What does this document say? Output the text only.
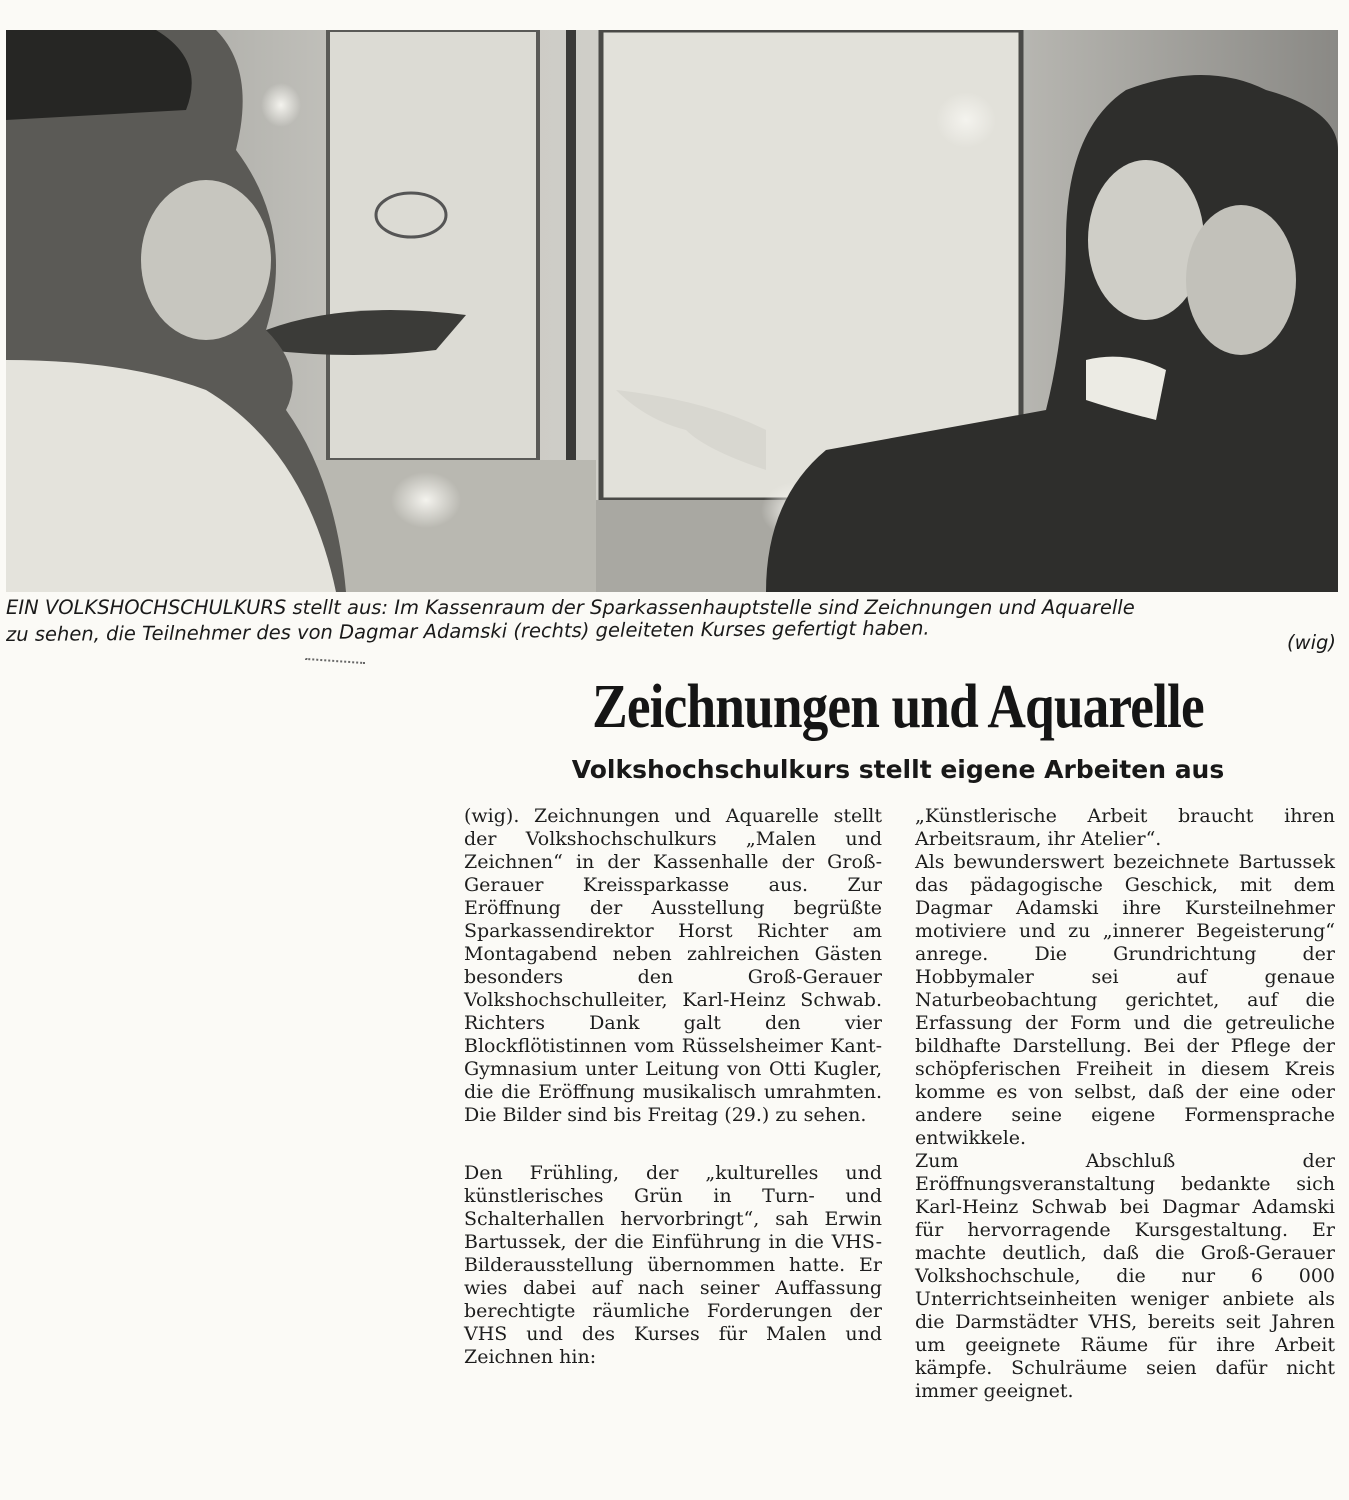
EIN VOLKSHOCHSCHULKURS stellt aus: Im Kassenraum der Sparkassenhauptstelle sind Zeichnungen und Aquarelle
zu sehen, die Teilnehmer des von Dagmar Adamski (rechts) geleiteten Kurses gefertigt haben.	(wig)
Zeichnungen und Aquarelle
Volkshochschulkurs stellt eigene Arbeiten aus

(wig). Zeichnungen und Aquarelle stellt der Volkshochschulkurs „Malen und Zeichnen“ in der Kassenhalle der Groß-Gerauer Kreissparkasse aus. Zur Eröffnung der Ausstellung begrüßte Sparkassendirektor Horst Richter am Montagabend neben zahlreichen Gästen besonders den Groß-Gerauer Volkshochschulleiter, Karl-Heinz Schwab. Richters Dank galt den vier Blockflötistinnen vom Rüsselsheimer Kant-Gymnasium unter Leitung von Otti Kugler, die die Eröffnung musikalisch umrahmten. Die Bilder sind bis Freitag (29.) zu sehen.

Den Frühling, der „kulturelles und künstlerisches Grün in Turn- und Schalterhallen hervorbringt“, sah Erwin Bartussek, der die Einführung in die VHS-Bilderausstellung übernommen hatte. Er wies dabei auf nach seiner Auffassung berechtigte räumliche Forderungen der VHS und des Kurses für Malen und Zeichnen hin:

„Künstlerische Arbeit braucht ihren Arbeitsraum, ihr Atelier“.

Als bewunderswert bezeichnete Bartussek das pädagogische Geschick, mit dem Dagmar Adamski ihre Kursteilnehmer motiviere und zu „innerer Begeisterung“ anrege. Die Grundrichtung der Hobbymaler sei auf genaue Naturbeobachtung gerichtet, auf die Erfassung der Form und die getreuliche bildhafte Darstellung. Bei der Pflege der schöpferischen Freiheit in diesem Kreis komme es von selbst, daß der eine oder andere seine eigene Formensprache entwikkele.

Zum Abschluß der Eröffnungsveranstaltung bedankte sich Karl-Heinz Schwab bei Dagmar Adamski für hervorragende Kursgestaltung. Er machte deutlich, daß die Groß-Gerauer Volkshochschule, die nur 6 000 Unterrichtseinheiten weniger anbiete als die Darmstädter VHS, bereits seit Jahren um geeignete Räume für ihre Arbeit kämpfe. Schulräume seien dafür nicht immer geeignet.
